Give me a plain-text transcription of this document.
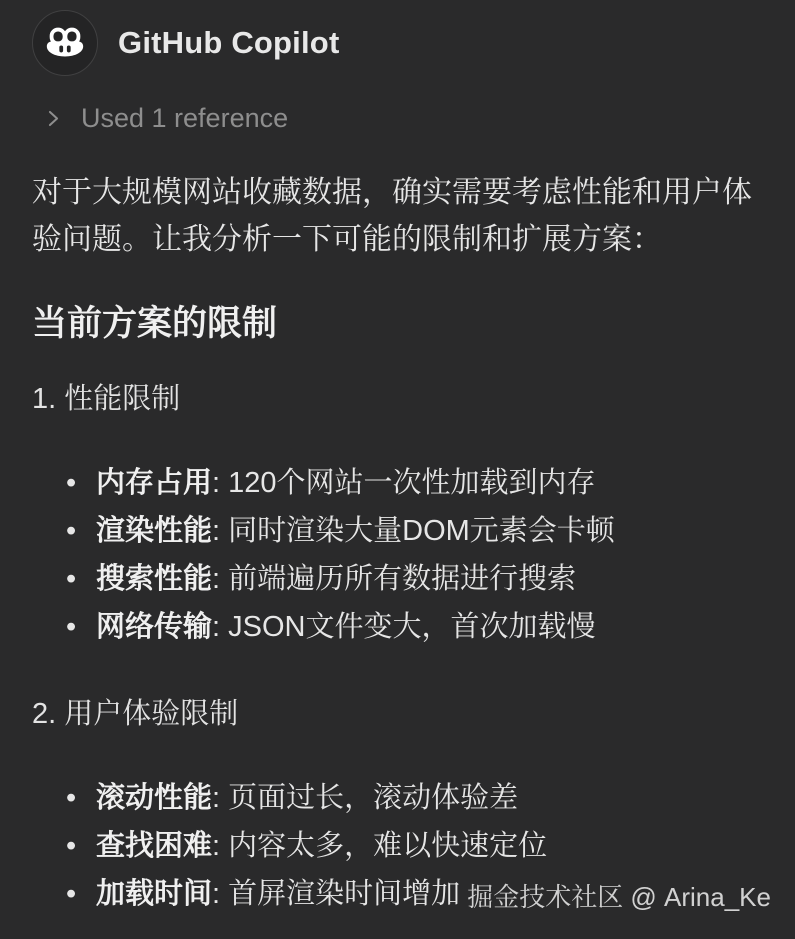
GitHub Copilot
Used 1 reference
对于大规模网站收藏数据，确实需要考虑性能和用户体验问题。让我分析一下可能的限制和扩展方案：
当前方案的限制
1. 性能限制
• 内存占用: 120个网站一次性加载到内存
• 渲染性能: 同时渲染大量DOM元素会卡顿
• 搜索性能: 前端遍历所有数据进行搜索
• 网络传输: JSON文件变大，首次加载慢
2. 用户体验限制
• 滚动性能: 页面过长，滚动体验差
• 查找困难: 内容太多，难以快速定位
• 加载时间: 首屏渲染时间增加 掘金技术社区 @ Arina_Ke
